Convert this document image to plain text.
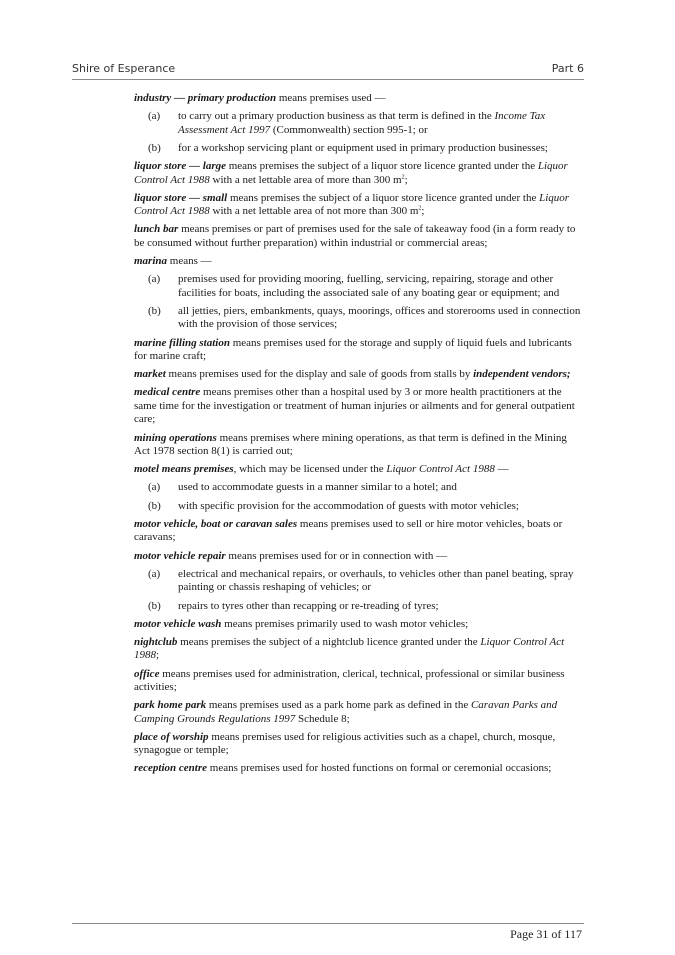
Shire of Esperance	Part 6

industry — primary production means premises used —

(a) to carry out a primary production business as that term is defined in the Income Tax Assessment Act 1997 (Commonwealth) section 995-1; or
(b) for a workshop servicing plant or equipment used in primary production businesses;

liquor store — large means premises the subject of a liquor store licence granted under the Liquor Control Act 1988 with a net lettable area of more than 300 $m^2$;

liquor store — small means premises the subject of a liquor store licence granted under the Liquor Control Act 1988 with a net lettable area of not more than 300 $m^2$;

lunch bar means premises or part of premises used for the sale of takeaway food (in a form ready to be consumed without further preparation) within industrial or commercial areas;

marina means —

(a) premises used for providing mooring, fuelling, servicing, repairing, storage and other facilities for boats, including the associated sale of any boating gear or equipment; and
(b) all jetties, piers, embankments, quays, moorings, offices and storerooms used in connection with the provision of those services;

marine filling station means premises used for the storage and supply of liquid fuels and lubricants for marine craft;

market means premises used for the display and sale of goods from stalls by independent vendors;

medical centre means premises other than a hospital used by 3 or more health practitioners at the same time for the investigation or treatment of human injuries or ailments and for general outpatient care;

mining operations means premises where mining operations, as that term is defined in the Mining Act 1978 section 8(1) is carried out;

motel means premises, which may be licensed under the Liquor Control Act 1988 —

(a) used to accommodate guests in a manner similar to a hotel; and
(b) with specific provision for the accommodation of guests with motor vehicles;

motor vehicle, boat or caravan sales means premises used to sell or hire motor vehicles, boats or caravans;

motor vehicle repair means premises used for or in connection with —

(a) electrical and mechanical repairs, or overhauls, to vehicles other than panel beating, spray painting or chassis reshaping of vehicles; or
(b) repairs to tyres other than recapping or re-treading of tyres;

motor vehicle wash means premises primarily used to wash motor vehicles;

nightclub means premises the subject of a nightclub licence granted under the Liquor Control Act 1988;

office means premises used for administration, clerical, technical, professional or similar business activities;

park home park means premises used as a park home park as defined in the Caravan Parks and Camping Grounds Regulations 1997 Schedule 8;

place of worship means premises used for religious activities such as a chapel, church, mosque, synagogue or temple;

reception centre means premises used for hosted functions on formal or ceremonial occasions;

Page 31 of 117
